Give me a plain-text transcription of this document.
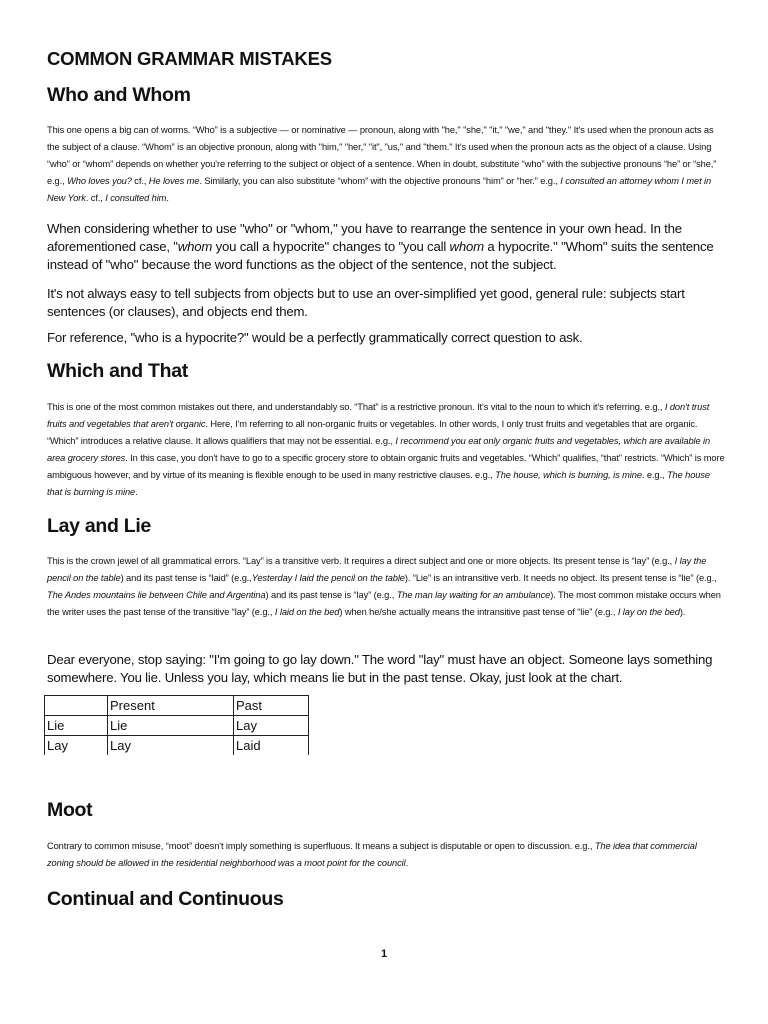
COMMON GRAMMAR MISTAKES
Who and Whom

This one opens a big can of worms. “Who” is a subjective — or nominative — pronoun, along with "he," "she," "it," "we," and "they." It's used when the pronoun acts as the subject of a clause. “Whom” is an objective pronoun, along with "him," "her," "it", "us," and "them." It's used when the pronoun acts as the object of a clause. Using “who” or “whom” depends on whether you're referring to the subject or object of a sentence. When in doubt, substitute “who” with the subjective pronouns “he” or “she,” e.g., Who loves you? cf., He loves me. Similarly, you can also substitute “whom” with the objective pronouns “him” or “her.” e.g., I consulted an attorney whom I met in New York. cf., I consulted him.

When considering whether to use "who" or "whom," you have to rearrange the sentence in your own head. In the aforementioned case, "whom you call a hypocrite" changes to "you call whom a hypocrite." "Whom" suits the sentence instead of "who" because the word functions as the object of the sentence, not the subject.

It's not always easy to tell subjects from objects but to use an over-simplified yet good, general rule: subjects start sentences (or clauses), and objects end them.

For reference, "who is a hypocrite?" would be a perfectly grammatically correct question to ask.

Which and That

This is one of the most common mistakes out there, and understandably so. “That” is a restrictive pronoun. It's vital to the noun to which it's referring. e.g., I don't trust fruits and vegetables that aren't organic. Here, I'm referring to all non-organic fruits or vegetables. In other words, I only trust fruits and vegetables that are organic. “Which” introduces a relative clause. It allows qualifiers that may not be essential. e.g., I recommend you eat only organic fruits and vegetables, which are available in area grocery stores. In this case, you don't have to go to a specific grocery store to obtain organic fruits and vegetables. “Which” qualifies, “that” restricts. “Which” is more ambiguous however, and by virtue of its meaning is flexible enough to be used in many restrictive clauses. e.g., The house, which is burning, is mine. e.g., The house that is burning is mine.

Lay and Lie

This is the crown jewel of all grammatical errors. “Lay” is a transitive verb. It requires a direct subject and one or more objects. Its present tense is “lay” (e.g., I lay the pencil on the table) and its past tense is “laid” (e.g.,Yesterday I laid the pencil on the table). “Lie” is an intransitive verb. It needs no object. Its present tense is “lie” (e.g., The Andes mountains lie between Chile and Argentina) and its past tense is “lay” (e.g., The man lay waiting for an ambulance). The most common mistake occurs when the writer uses the past tense of the transitive “lay” (e.g., I laid on the bed) when he/she actually means the intransitive past tense of “lie” (e.g., I lay on the bed).

Dear everyone, stop saying: "I'm going to go lay down." The word "lay" must have an object. Someone lays something somewhere. You lie. Unless you lay, which means lie but in the past tense. Okay, just look at the chart.

	Present	Past
Lie	Lie	Lay
Lay	Lay	Laid
Moot

Contrary to common misuse, “moot” doesn't imply something is superfluous. It means a subject is disputable or open to discussion. e.g., The idea that commercial zoning should be allowed in the residential neighborhood was a moot point for the council.

Continual and Continuous
1
